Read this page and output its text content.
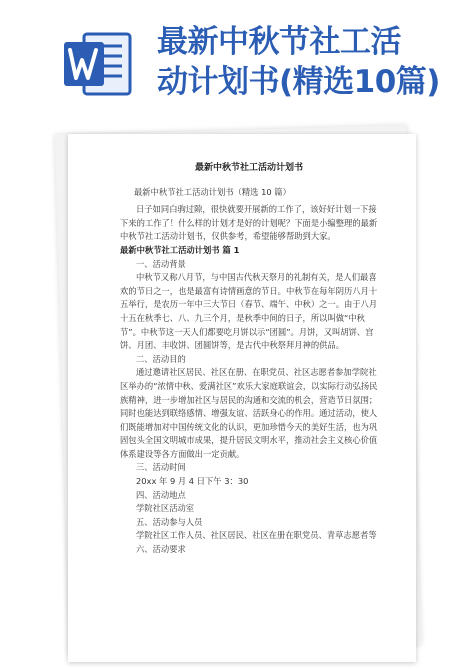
最新中秋节社工活
动计划书(精选10篇)
最新中秋节社工活动计划书

最新中秋节社工活动计划书（精选 10 篇）

日子如同白驹过隙，很快就要开展新的工作了，该好好计划一下接下来的工作了！什么样的计划才是好的计划呢？下面是小编整理的最新中秋节社工活动计划书，仅供参考，希望能够帮助到大家。

最新中秋节社工活动计划书 篇 1

一、活动背景

中秋节又称八月节，与中国古代秋天祭月的礼制有关，是人们最喜欢的节日之一，也是最富有诗情画意的节日。中秋节在每年阴历八月十五举行，是农历一年中三大节日（春节、端午、中秋）之一。由于八月十五在秋季七、八、九三个月，是秋季中间的日子，所以叫做“中秋节”。中秋节这一天人们都要吃月饼以示“团圆”。月饼，又叫胡饼、宫饼、月团、丰收饼、团圆饼等，是古代中秋祭拜月神的供品。

二、活动目的

通过邀请社区居民、社区在册、在职党员、社区志愿者参加学院社区举办的“浓情中秋、爱满社区”欢乐大家庭联谊会，以实际行动弘扬民族精神，进一步增加社区与居民的沟通和交流的机会，营造节日氛围；同时也能达到联络感情、增强友谊、活跃身心的作用。通过活动，使人们既能增加对中国传统文化的认识，更加珍惜今天的美好生活，也为巩固包头全国文明城市成果，提升居民文明水平，推动社会主义核心价值体系建设等各方面做出一定贡献。

三、活动时间

20xx 年 9 月 4 日下午 3：30

四、活动地点

学院社区活动室

五、活动参与人员

学院社区工作人员、社区居民、社区在册在职党员、青草志愿者等

六、活动要求
